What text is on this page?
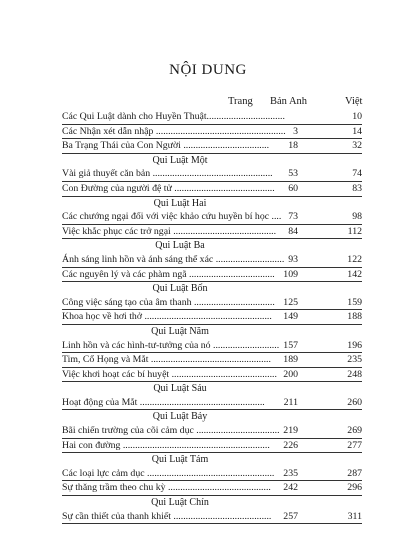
NỘI DUNG
Trang Bản Anh	Việt
Các Qui Luật dành cho Huyền Thuật................................	10
Các Nhận xét dẫn nhập ..................................................... 3	14
Ba Trạng Thái của Con Người ...................................	18	32
Qui Luật Một
Vài giả thuyết căn bản .................................................	53	74
Con Đường của người đệ tử .........................................	60	83
Qui Luật Hai
Các chướng ngại đối với việc khảo cứu huyền bí học .... 73	98
Việc khắc phục các trở ngại ..........................................	84	112
Qui Luật Ba
Ánh sáng linh hồn và ánh sáng thể xác ............................ 93	122
Các nguyên lý và các phàm ngã ................................... 109	142
Qui Luật Bốn
Công việc sáng tạo của âm thanh ................................. 125	159
Khoa học về hơi thở ....................................................	149	188
Qui Luật Năm
Linh hồn và các hình-tư-tưởng của nó ........................... 157	196
Tim, Cổ Họng và Mắt .................................................	189	235
Việc khơi hoạt các bí huyệt ........................................... 200	248
Qui Luật Sáu
Hoạt động của Mắt ...................................................	211	260
Qui Luật Bảy
Bãi chiến trường của cõi cảm dục .................................. 219	269
Hai con đường ............................................................	226	277
Qui Luật Tám
Các loại lực cảm dục .................................................... 235	287
Sự thăng trầm theo chu kỳ ..........................................	242	296
Qui Luật Chín
Sự cần thiết của thanh khiết ........................................	257	311
